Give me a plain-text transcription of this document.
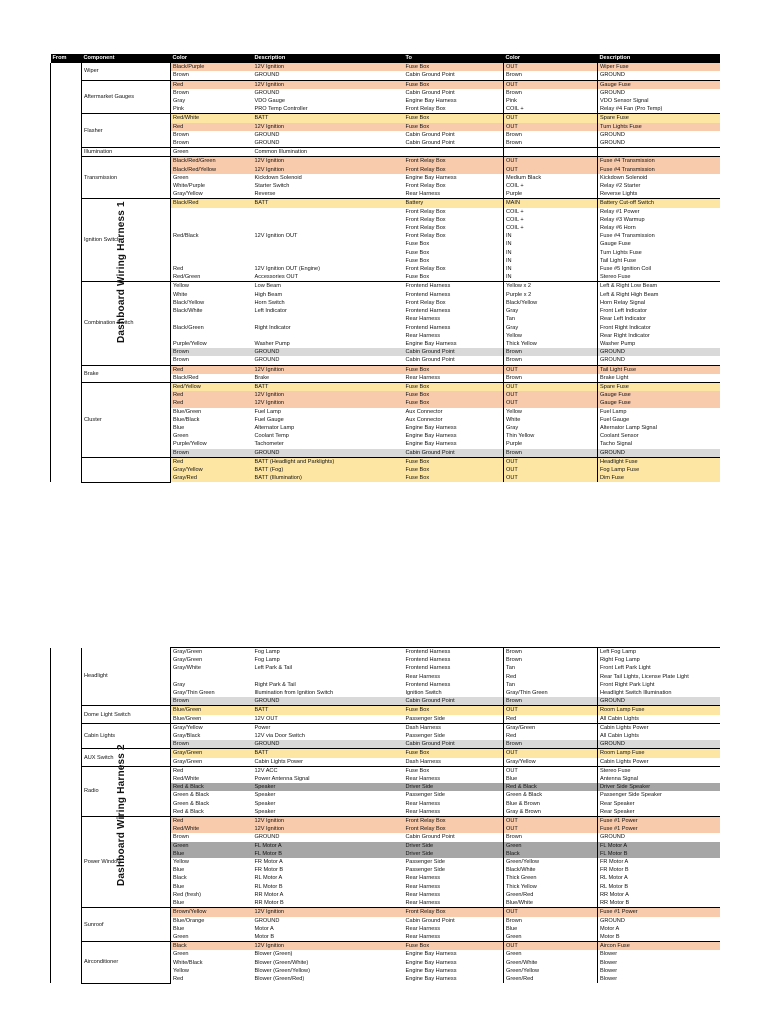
From	Component	Color	Description	To	Color	Description
Dashboard Wiring Harness 1	Wiper	Black/Purple	12V Ignition	Fuse Box	OUT	Wiper Fuse
		Brown	GROUND	Cabin Ground Point	Brown	GROUND
	Aftermarket Gauges	Red	12V Ignition	Fuse Box	OUT	Gauge Fuse
		Brown	GROUND	Cabin Ground Point	Brown	GROUND
		Gray	VDO Gauge	Engine Bay Harness	Pink	VDO Sensor Signal
		Pink	PRO Temp Controller	Front Relay Box	COIL +	Relay #4 Fan (Pro Temp)
	Flasher	Red/White	BATT	Fuse Box	OUT	Spare Fuse
		Red	12V Ignition	Fuse Box	OUT	Turn Lights Fuse
		Brown	GROUND	Cabin Ground Point	Brown	GROUND
		Brown	GROUND	Cabin Ground Point	Brown	GROUND
	Illumination	Green	Common Illumination			
	Transmission	Black/Red/Green	12V Ignition	Front Relay Box	OUT	Fuse #4 Transmission
		Black/Red/Yellow	12V Ignition	Front Relay Box	OUT	Fuse #4 Transmission
		Green	Kickdown Solenoid	Engine Bay Harness	Medium Black	Kickdown Solenoid
		White/Purple	Starter Switch	Front Relay Box	COIL +	Relay #2 Starter
		Gray/Yellow	Reverse	Rear Harness	Purple	Reverse Lights
	Ignition Switch	Black/Red	BATT	Battery	MAIN	Battery Cut-off Switch
				Front Relay Box	COIL +	Relay #1 Power
				Front Relay Box	COIL +	Relay #3 Warmup
				Front Relay Box	COIL +	Relay #6 Horn
		Red/Black	12V Ignition OUT	Front Relay Box	IN	Fuse #4 Transmission
				Fuse Box	IN	Gauge Fuse
				Fuse Box	IN	Turn Lights Fuse
				Fuse Box	IN	Tail Light Fuse
		Red	12V Ignition OUT (Engine)	Front Relay Box	IN	Fuse #5 Ignition Coil
		Red/Green	Accessories OUT	Fuse Box	IN	Stereo Fuse
	Combination Switch	Yellow	Low Beam	Frontend Harness	Yellow x 2	Left & Right Low Beam
		White	High Beam	Frontend Harness	Purple x 2	Left & Right High Beam
		Black/Yellow	Horn Switch	Front Relay Box	Black/Yellow	Horn Relay Signal
		Black/White	Left Indicator	Frontend Harness	Gray	Front Left Indicator
				Rear Harness	Tan	Rear Left Indicator
		Black/Green	Right Indicator	Frontend Harness	Gray	Front Right Indicator
				Rear Harness	Yellow	Rear Right Indicator
		Purple/Yellow	Washer Pump	Engine Bay Harness	Thick Yellow	Washer Pump
		Brown	GROUND	Cabin Ground Point	Brown	GROUND
		Brown	GROUND	Cabin Ground Point	Brown	GROUND
	Brake	Red	12V Ignition	Fuse Box	OUT	Tail Light Fuse
		Black/Red	Brake	Rear Harness	Brown	Brake Light
	Cluster	Red/Yellow	BATT	Fuse Box	OUT	Spare Fuse
		Red	12V Ignition	Fuse Box	OUT	Gauge Fuse
		Red	12V Ignition	Fuse Box	OUT	Gauge Fuse
		Blue/Green	Fuel Lamp	Aux Connector	Yellow	Fuel Lamp
		Blue/Black	Fuel Gauge	Aux Connector	White	Fuel Gauge
		Blue	Alternator Lamp	Engine Bay Harness	Gray	Alternator Lamp Signal
		Green	Coolant Temp	Engine Bay Harness	Thin Yellow	Coolant Sensor
		Purple/Yellow	Tachometer	Engine Bay Harness	Purple	Tacho Signal
		Brown	GROUND	Cabin Ground Point	Brown	GROUND
		Red	BATT (Headlight and Parklights)	Fuse Box	OUT	Headlight Fuse
		Gray/Yellow	BATT (Fog)	Fuse Box	OUT	Fog Lamp Fuse
		Gray/Red	BATT (Illumination)	Fuse Box	OUT	Dim Fuse
Dashboard Wiring Harness 2	Headlight	Gray/Green	Fog Lamp	Frontend Harness	Brown	Left Fog Lamp
		Gray/Green	Fog Lamp	Frontend Harness	Brown	Right Fog Lamp
		Gray/White	Left Park & Tail	Frontend Harness	Tan	Front Left Park Light
				Rear Harness	Red	Rear Tail Lights, License Plate Light
		Gray	Right Park & Tail	Frontend Harness	Tan	Front Right Park Light
		Gray/Thin Green	Illumination from Ignition Switch	Ignition Switch	Gray/Thin Green	Headlight Switch Illumination
		Brown	GROUND	Cabin Ground Point	Brown	GROUND
	Dome Light Switch	Blue/Green	BATT	Fuse Box	OUT	Room Lamp Fuse
		Blue/Green	12V OUT	Passenger Side	Red	All Cabin Lights
	Cabin Lights	Gray/Yellow	Power	Dash Harness	Gray/Green	Cabin Lights Power
		Gray/Black	12V via Door Switch	Passenger Side	Red	All Cabin Lights
		Brown	GROUND	Cabin Ground Point	Brown	GROUND
	AUX Switch	Gray/Green	BATT	Fuse Box	OUT	Room Lamp Fuse
		Gray/Green	Cabin Lights Power	Dash Harness	Gray/Yellow	Cabin Lights Power
	Radio	Red	12V ACC	Fuse Box	OUT	Stereo Fuse
		Red/White	Power Antenna Signal	Rear Harness	Blue	Antenna Signal
		Red & Black	Speaker	Driver Side	Red & Black	Driver Side Speaker
		Green & Black	Speaker	Passenger Side	Green & Black	Passenger Side Speaker
		Green & Black	Speaker	Rear Harness	Blue & Brown	Rear Speaker
		Red & Black	Speaker	Rear Harness	Gray & Brown	Rear Speaker
	Power Window	Red	12V Ignition	Front Relay Box	OUT	Fuse #1 Power
		Red/White	12V Ignition	Front Relay Box	OUT	Fuse #1 Power
		Brown	GROUND	Cabin Ground Point	Brown	GROUND
		Green	FL Motor A	Driver Side	Green	FL Motor A
		Blue	FL Motor B	Driver Side	Black	FL Motor B
		Yellow	FR Motor A	Passenger Side	Green/Yellow	FR Motor A
		Blue	FR Motor B	Passenger Side	Black/White	FR Motor B
		Black	RL Motor A	Rear Harness	Thick Green	RL Motor A
		Blue	RL Motor B	Rear Harness	Thick Yellow	RL Motor B
		Red (fresh)	RR Motor A	Rear Harness	Green/Red	RR Motor A
		Blue	RR Motor B	Rear Harness	Blue/White	RR Motor B
	Sunroof	Brown/Yellow	12V Ignition	Front Relay Box	OUT	Fuse #1 Power
		Blue/Orange	GROUND	Cabin Ground Point	Brown	GROUND
		Blue	Motor A	Rear Harness	Blue	Motor A
		Green	Motor B	Rear Harness	Green	Motor B
	Airconditioner	Black	12V Ignition	Fuse Box	OUT	Aircon Fuse
		Green	Blower (Green)	Engine Bay Harness	Green	Blower
		White/Black	Blower (Green/White)	Engine Bay Harness	Green/White	Blower
		Yellow	Blower (Green/Yellow)	Engine Bay Harness	Green/Yellow	Blower
		Red	Blower (Green/Red)	Engine Bay Harness	Green/Red	Blower
